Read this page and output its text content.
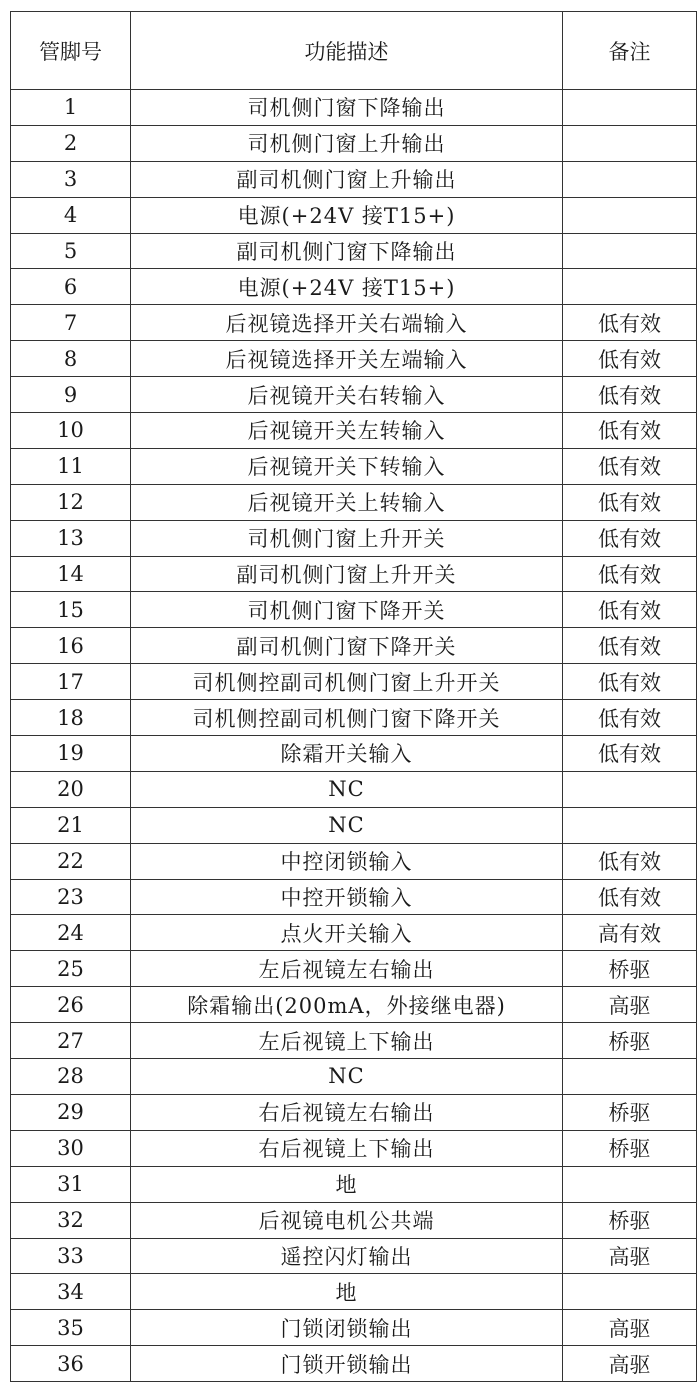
管脚号	功能描述	备注
1	司机侧门窗下降输出	
2	司机侧门窗上升输出	
3	副司机侧门窗上升输出	
4	电源(+24V 接T15+)	
5	副司机侧门窗下降输出	
6	电源(+24V 接T15+)	
7	后视镜选择开关右端输入	低有效
8	后视镜选择开关左端输入	低有效
9	后视镜开关右转输入	低有效
10	后视镜开关左转输入	低有效
11	后视镜开关下转输入	低有效
12	后视镜开关上转输入	低有效
13	司机侧门窗上升开关	低有效
14	副司机侧门窗上升开关	低有效
15	司机侧门窗下降开关	低有效
16	副司机侧门窗下降开关	低有效
17	司机侧控副司机侧门窗上升开关	低有效
18	司机侧控副司机侧门窗下降开关	低有效
19	除霜开关输入	低有效
20	NC	
21	NC	
22	中控闭锁输入	低有效
23	中控开锁输入	低有效
24	点火开关输入	高有效
25	左后视镜左右输出	桥驱
26	除霜输出(200mA，外接继电器)	高驱
27	左后视镜上下输出	桥驱
28	NC	
29	右后视镜左右输出	桥驱
30	右后视镜上下输出	桥驱
31	地	
32	后视镜电机公共端	桥驱
33	遥控闪灯输出	高驱
34	地	
35	门锁闭锁输出	高驱
36	门锁开锁输出	高驱
